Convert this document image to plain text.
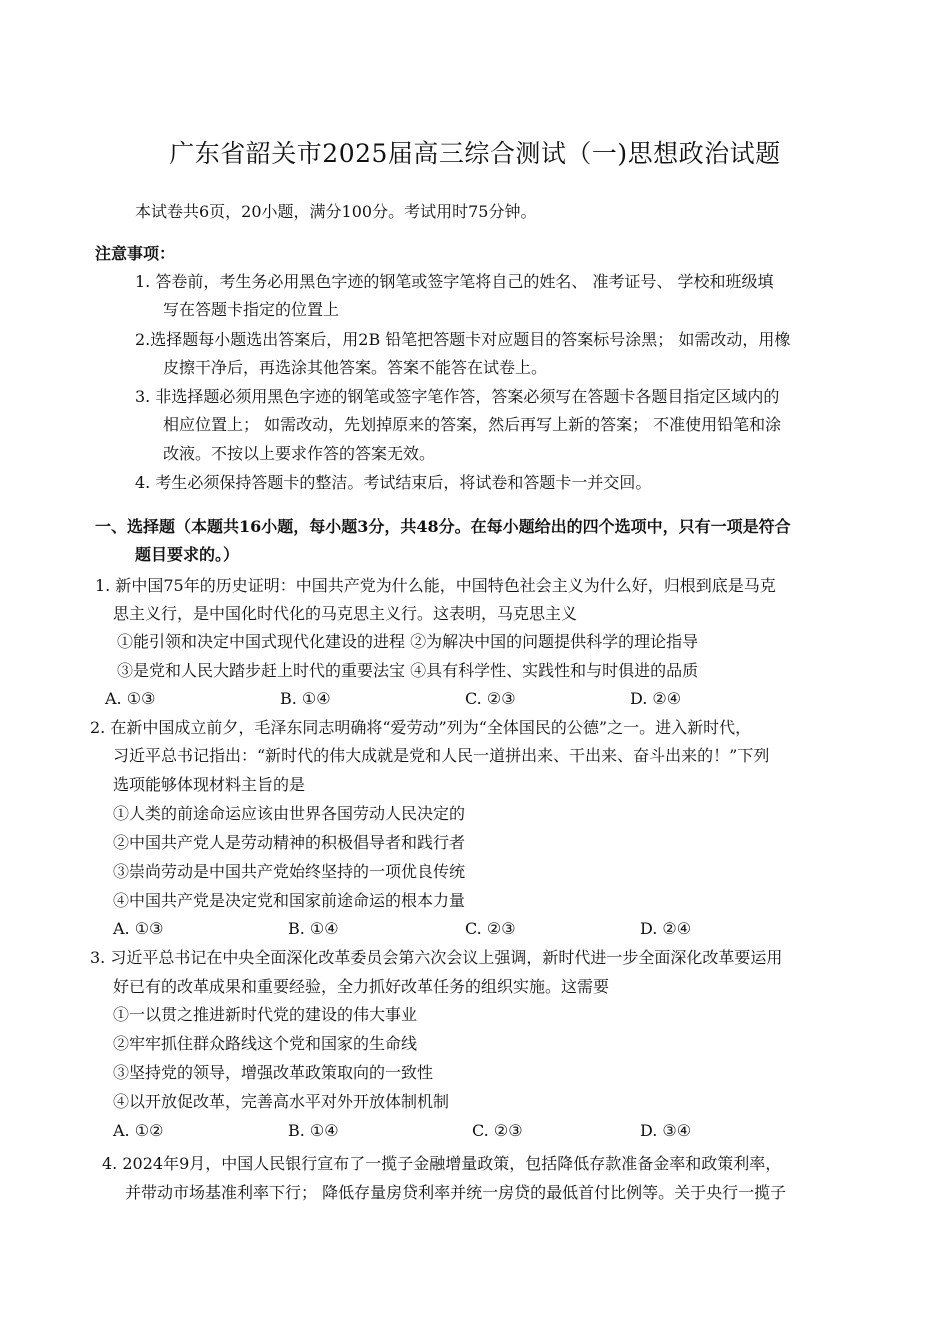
广东省韶关市2025届高三综合测试（一)思想政治试题
本试卷共6页，20小题，满分100分。考试用时75分钟。
注意事项：
1. 答卷前，考生务必用黑色字迹的钢笔或签字笔将自己的姓名、 准考证号、 学校和班级填
写在答题卡指定的位置上
2.选择题每小题选出答案后，用2B 铅笔把答题卡对应题目的答案标号涂黑； 如需改动，用橡
皮擦干净后，再选涂其他答案。答案不能答在试卷上。
3. 非选择题必须用黑色字迹的钢笔或签字笔作答，答案必须写在答题卡各题目指定区域内的
相应位置上； 如需改动，先划掉原来的答案，然后再写上新的答案； 不准使用铅笔和涂
改液。不按以上要求作答的答案无效。
4. 考生必须保持答题卡的整洁。考试结束后，将试卷和答题卡一并交回。
一、选择题（本题共16小题，每小题3分，共48分。在每小题给出的四个选项中，只有一项是符合
题目要求的。）
1. 新中国75年的历史证明：中国共产党为什么能，中国特色社会主义为什么好，归根到底是马克
思主义行，是中国化时代化的马克思主义行。这表明，马克思主义
①能引领和决定中国式现代化建设的进程 ②为解决中国的问题提供科学的理论指导
③是党和人民大踏步赶上时代的重要法宝 ④具有科学性、实践性和与时俱进的品质
A. ①③	B. ①④	C. ②③	D. ②④
2. 在新中国成立前夕，毛泽东同志明确将“爱劳动”列为“全体国民的公德”之一。进入新时代，
习近平总书记指出：“新时代的伟大成就是党和人民一道拼出来、干出来、奋斗出来的！”下列
选项能够体现材料主旨的是
①人类的前途命运应该由世界各国劳动人民决定的
②中国共产党人是劳动精神的积极倡导者和践行者
③崇尚劳动是中国共产党始终坚持的一项优良传统
④中国共产党是决定党和国家前途命运的根本力量
A. ①③	B. ①④	C. ②③	D. ②④
3. 习近平总书记在中央全面深化改革委员会第六次会议上强调，新时代进一步全面深化改革要运用
好已有的改革成果和重要经验，全力抓好改革任务的组织实施。这需要
①一以贯之推进新时代党的建设的伟大事业
②牢牢抓住群众路线这个党和国家的生命线
③坚持党的领导，增强改革政策取向的一致性
④以开放促改革，完善高水平对外开放体制机制
A. ①②	B. ①④	C. ②③	D. ③④
4. 2024年9月，中国人民银行宣布了一揽子金融增量政策，包括降低存款准备金率和政策利率，
并带动市场基准利率下行； 降低存量房贷利率并统一房贷的最低首付比例等。关于央行一揽子
